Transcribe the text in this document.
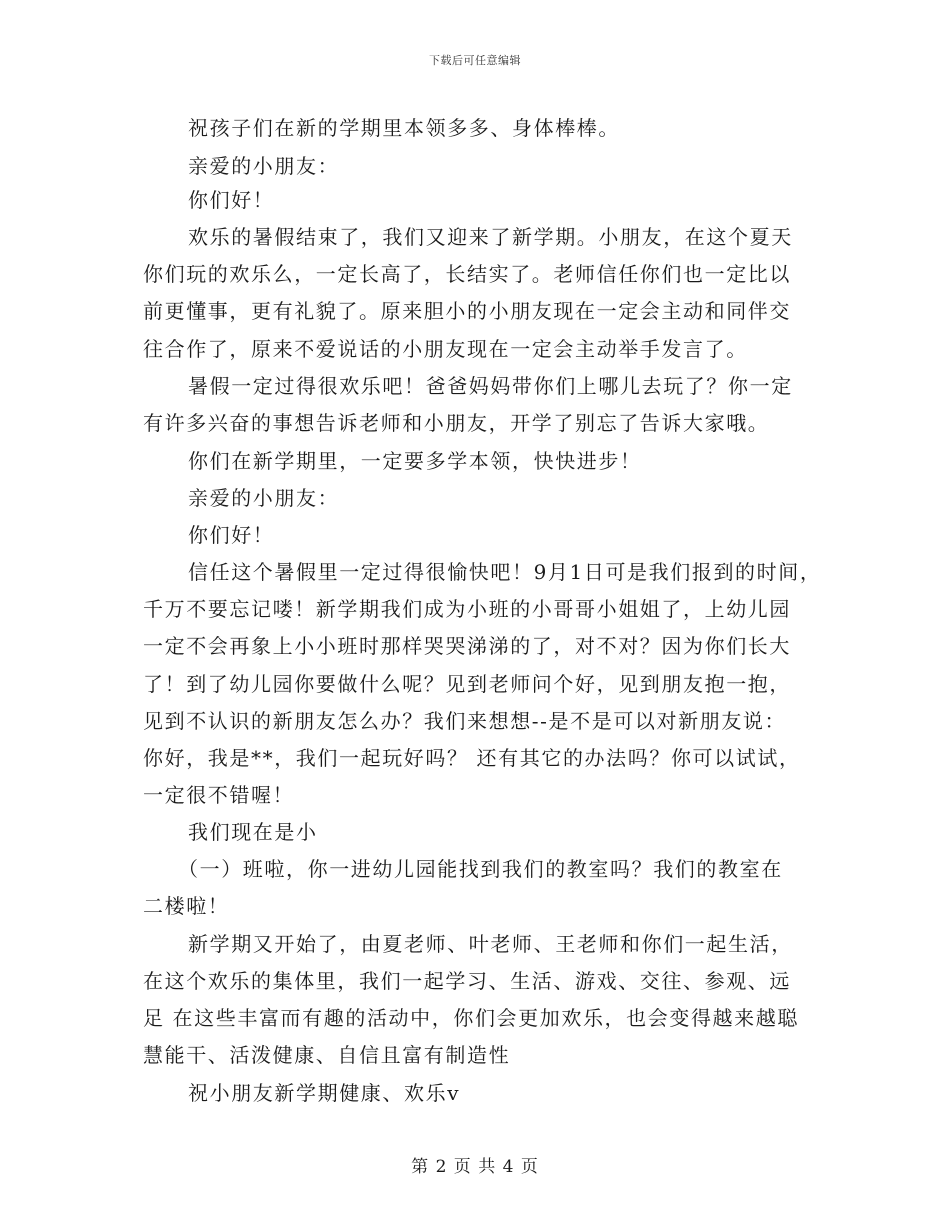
下载后可任意编辑
祝孩子们在新的学期里本领多多、身体棒棒。
亲爱的小朋友：
你们好！
欢乐的暑假结束了，我们又迎来了新学期。小朋友，在这个夏天
你们玩的欢乐么，一定长高了，长结实了。老师信任你们也一定比以
前更懂事，更有礼貌了。原来胆小的小朋友现在一定会主动和同伴交
往合作了，原来不爱说话的小朋友现在一定会主动举手发言了。
暑假一定过得很欢乐吧！爸爸妈妈带你们上哪儿去玩了？你一定
有许多兴奋的事想告诉老师和小朋友，开学了别忘了告诉大家哦。
你们在新学期里，一定要多学本领，快快进步！
亲爱的小朋友：
你们好！
信任这个暑假里一定过得很愉快吧！9月1日可是我们报到的时间，
千万不要忘记喽！新学期我们成为小班的小哥哥小姐姐了，上幼儿园
一定不会再象上小小班时那样哭哭涕涕的了，对不对？因为你们长大
了！到了幼儿园你要做什么呢？见到老师问个好，见到朋友抱一抱，
见到不认识的新朋友怎么办？我们来想想--是不是可以对新朋友说：
你好，我是**，我们一起玩好吗？ 还有其它的办法吗？你可以试试，
一定很不错喔！
我们现在是小
（一）班啦，你一进幼儿园能找到我们的教室吗？我们的教室在
二楼啦！
新学期又开始了，由夏老师、叶老师、王老师和你们一起生活，
在这个欢乐的集体里，我们一起学习、生活、游戏、交往、参观、远
足 在这些丰富而有趣的活动中，你们会更加欢乐，也会变得越来越聪
慧能干、活泼健康、自信且富有制造性
祝小朋友新学期健康、欢乐v
第 2 页 共 4 页
